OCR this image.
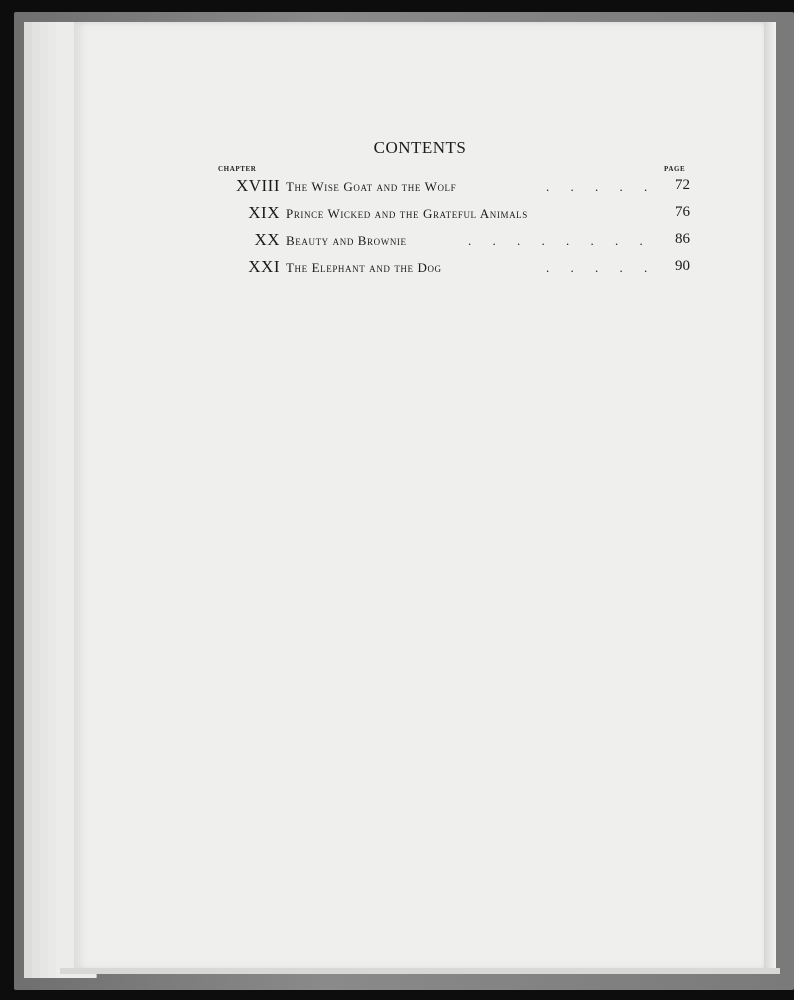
CONTENTS
CHAPTER	PAGE
XVIII The Wise Goat and the Wolf	. . . . . 72
XIX Prince Wicked and the Grateful Animals	76
XX Beauty and Brownie	. . . . . . . . 86
XXI The Elephant and the Dog	. . . . . 90
